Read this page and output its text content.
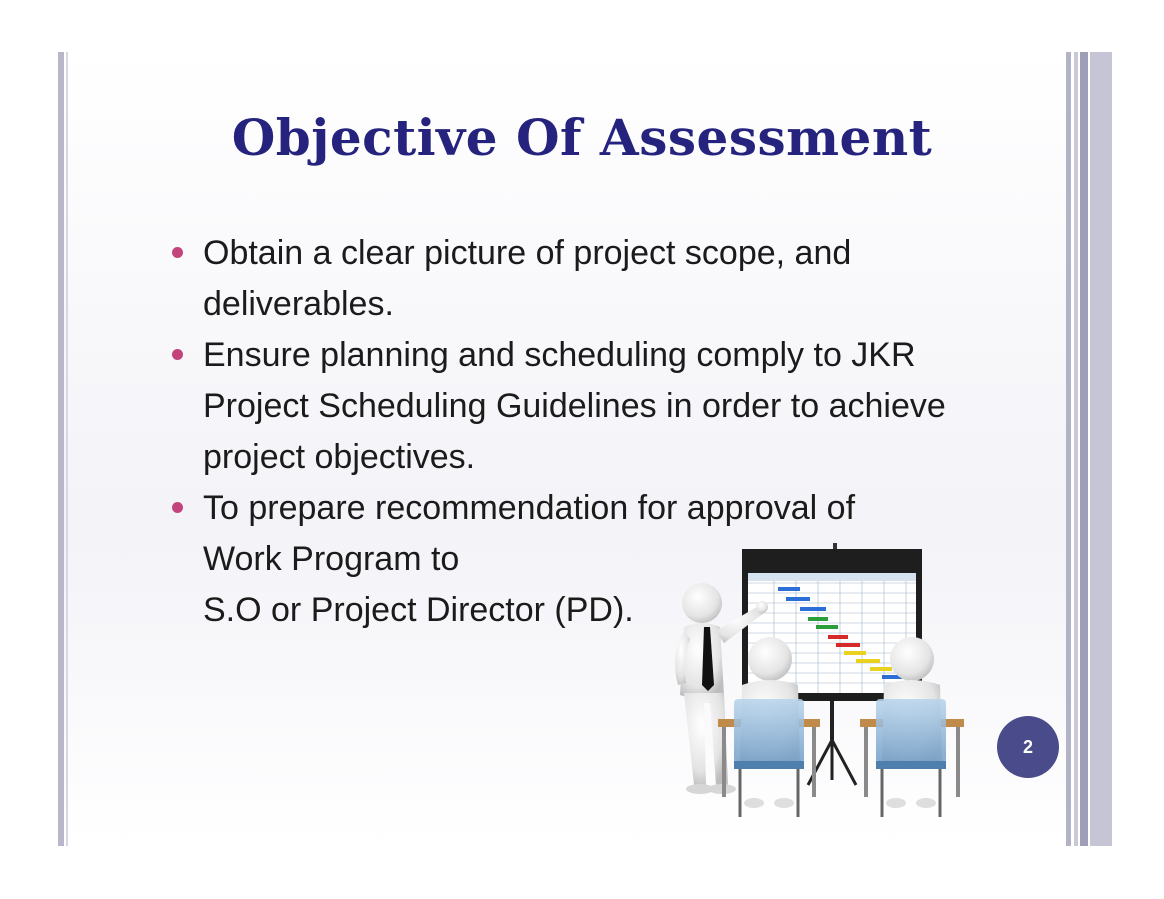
Objective Of Assessment
Obtain a clear picture of project scope, and
deliverables.
Ensure planning and scheduling comply to JKR
Project Scheduling Guidelines in order to achieve
project objectives.
To prepare recommendation for approval of
Work Program to
S.O or Project Director (PD).
2
